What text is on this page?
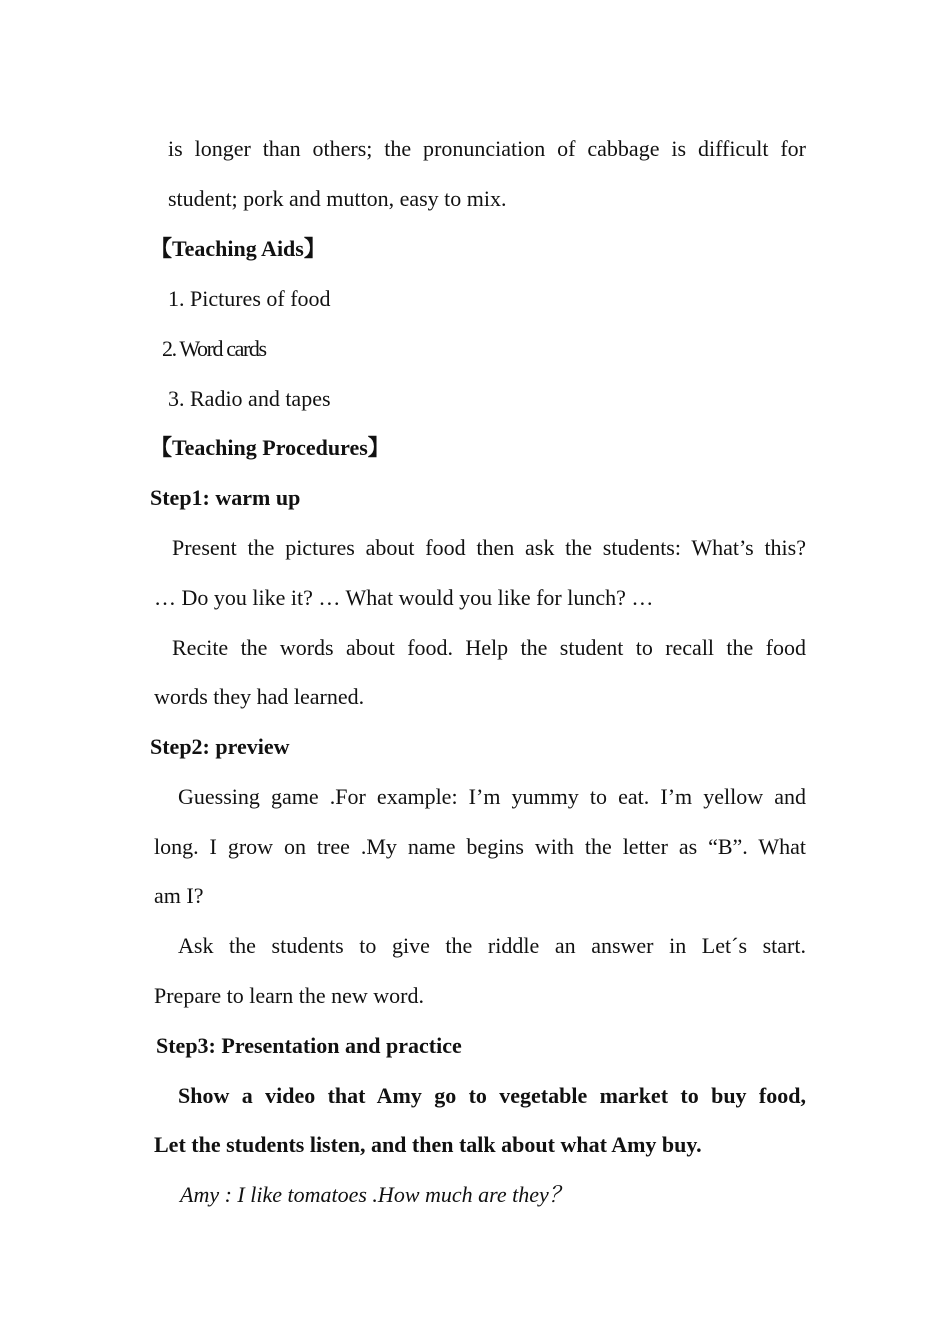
is longer than others; the pronunciation of cabbage is difficult for
student; pork and mutton, easy to mix.
【Teaching Aids】
1. Pictures of food
2. Word cards
3. Radio and tapes
【Teaching Procedures】
Step1: warm up
Present the pictures about food then ask the students: What’s this?
… Do you like it? … What would you like for lunch? …
Recite the words about food. Help the student to recall the food
words they had learned.
Step2: preview
Guessing game .For example: I’m yummy to eat. I’m yellow and
long. I grow on tree .My name begins with the letter as “B”. What
am I?
Ask the students to give the riddle an answer in Let´s start.
Prepare to learn the new word.
Step3: Presentation and practice
Show a video that Amy go to vegetable market to buy food,
Let the students listen, and then talk about what Amy buy.
Amy : I like tomatoes .How much are they？
